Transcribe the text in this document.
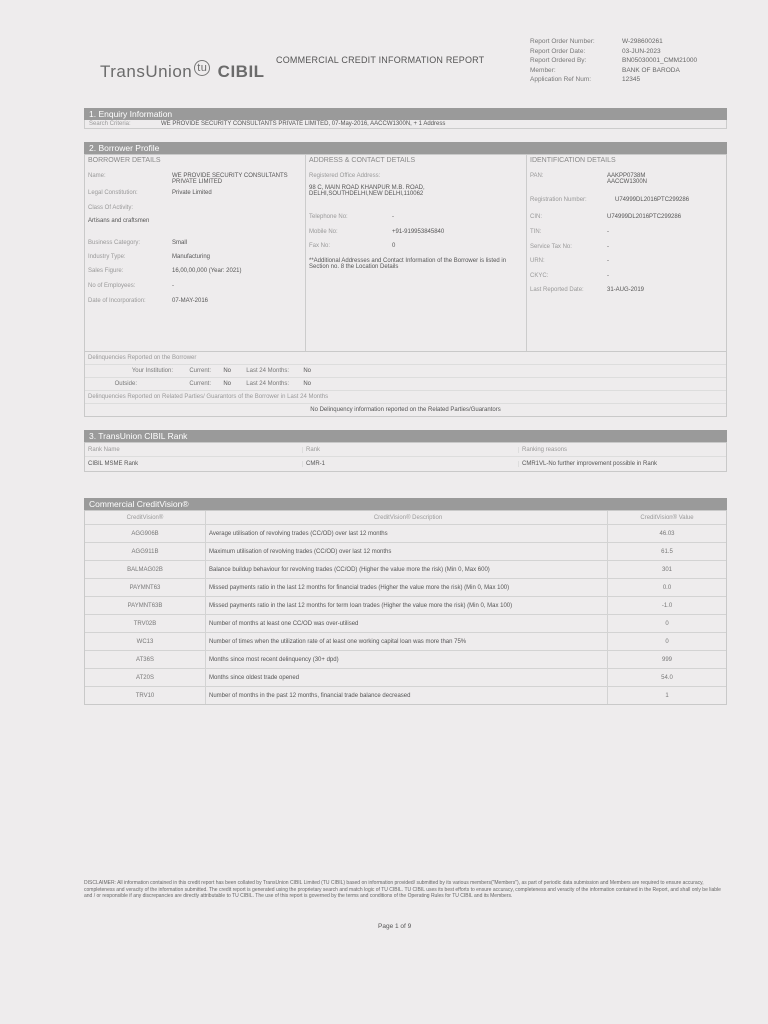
TransUnion $^{tu}$ CIBIL
COMMERCIAL CREDIT INFORMATION REPORT
Report Order Number:	W-298600261
Report Order Date:	03-JUN-2023
Report Ordered By:	BN05030001_CMM21000
Member:	BANK OF BARODA
Application Ref Num:	12345
1. Enquiry Information
Search Criteria:	WE PROVIDE SECURITY CONSULTANTS PRIVATE LIMITED, 07-May-2016, AACCW1300N, + 1 Address
2. Borrower Profile
BORROWER DETAILS
Name:	WE PROVIDE SECURITY CONSULTANTS PRIVATE LIMITED
Legal Constitution:	Private Limited
Class Of Activity:
Artisans and craftsmen
Business Category:	Small
Industry Type:	Manufacturing
Sales Figure:	16,00,00,000 (Year: 2021)
No of Employees:	-
Date of Incorporation:	07-MAY-2016
ADDRESS & CONTACT DETAILS
Registered Office Address:
98 C, MAIN ROAD KHANPUR M.B. ROAD, DELHI,SOUTHDELHI,NEW DELHI,110062
Telephone No:	-
Mobile No:	+91-919953845840
Fax No:	0
**Additional Addresses and Contact Information of the Borrower is listed in Section no. 8 the Location Details
IDENTIFICATION DETAILS
PAN:	AAKPP0738M AACCW1300N
Registration Number:	U74999DL2016PTC299286
CIN:	U74999DL2016PTC299286
TIN:	-
Service Tax No:	-
URN:	-
CKYC:	-
Last Reported Date:	31-AUG-2019
Delinquencies Reported on the Borrower
Your Institution:	Current:	No	Last 24 Months:	No
Outside:	Current:	No	Last 24 Months:	No
Delinquencies Reported on Related Parties/ Guarantors of the Borrower in Last 24 Months
No Delinquency information reported on the Related Parties/Guarantors
3. TransUnion CIBIL Rank
Rank Name	Rank	Ranking reasons
CIBIL MSME Rank	CMR-1	CMR1VL-No further improvement possible in Rank
Commercial CreditVision®
CreditVision®	CreditVision® Description	CreditVision® Value
AGG906B	Average utilisation of revolving trades (CC/OD) over last 12 months	46.03
AGG911B	Maximum utilisation of revolving trades (CC/OD) over last 12 months	61.5
BALMAG02B	Balance buildup behaviour for revolving trades (CC/OD) (Higher the value more the risk) (Min 0, Max 600)	301
PAYMNT63	Missed payments ratio in the last 12 months for financial trades (Higher the value more the risk) (Min 0, Max 100)	0.0
PAYMNT63B	Missed payments ratio in the last 12 months for term loan trades (Higher the value more the risk) (Min 0, Max 100)	-1.0
TRV02B	Number of months at least one CC/OD was over-utilised	0
WC13	Number of times when the utilization rate of at least one working capital loan was more than 75%	0
AT36S	Months since most recent delinquency (30+ dpd)	999
AT20S	Months since oldest trade opened	54.0
TRV10	Number of months in the past 12 months, financial trade balance decreased	1
DISCLAIMER: All information contained in this credit report has been collated by TransUnion CIBIL Limited (TU CIBIL) based on information provided/ submitted by its various members("Members"), as part of periodic data submission and Members are required to ensure accuracy, completeness and veracity of the information submitted. The credit report is generated using the proprietary search and match logic of TU CIBIL. TU CIBIL uses its best efforts to ensure accuracy, completeness and veracity of the information contained in the Report, and shall only be liable and / or responsible if any discrepancies are directly attributable to TU CIBIL. The use of this report is governed by the terms and conditions of the Operating Rules for TU CIBIL and its Members.
Page 1 of 9
